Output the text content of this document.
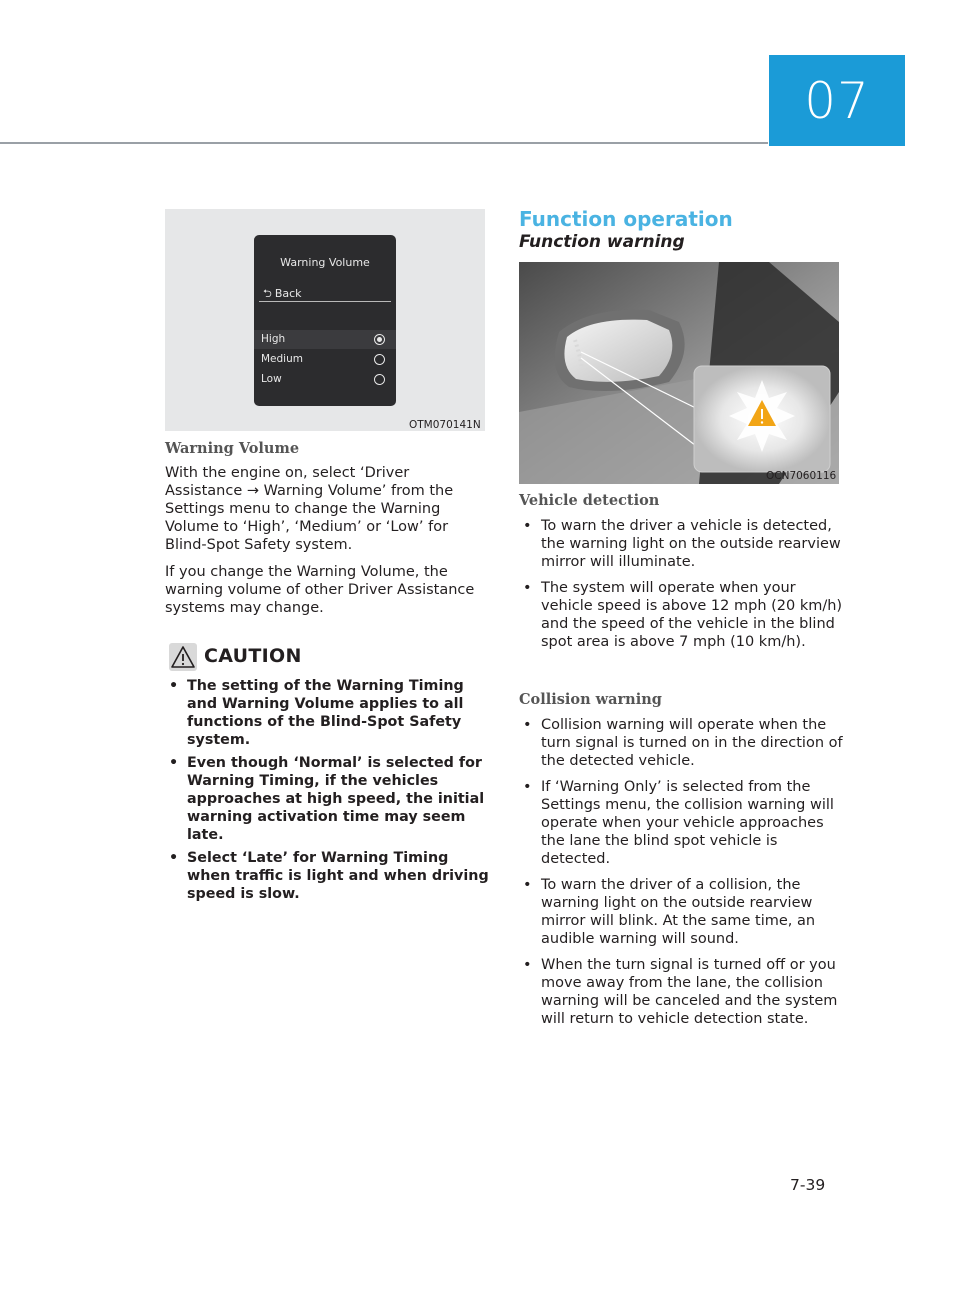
07
Warning Volume
⮌ Back
High
Medium
Low
OTM070141N
Warning Volume

With the engine on, select ‘Driver Assistance → Warning Volume’ from the Settings menu to change the Warning Volume to ‘High’, ‘Medium’ or ‘Low’ for Blind-Spot Safety system.

If you change the Warning Volume, the warning volume of other Driver Assistance systems may change.

CAUTION
• The setting of the Warning Timing and Warning Volume applies to all functions of the Blind-Spot Safety system.
• Even though ‘Normal’ is selected for Warning Timing, if the vehicles approaches at high speed, the initial warning activation time may seem late.
• Select ‘Late’ for Warning Timing when traffic is light and when driving speed is slow.
Function operation
Function warning
OCN7060116
Vehicle detection
• To warn the driver a vehicle is detected, the warning light on the outside rearview mirror will illuminate.
• The system will operate when your vehicle speed is above 12 mph (20 km/h) and the speed of the vehicle in the blind spot area is above 7 mph (10 km/h).
Collision warning
• Collision warning will operate when the turn signal is turned on in the direction of the detected vehicle.
• If ‘Warning Only’ is selected from the Settings menu, the collision warning will operate when your vehicle approaches the lane the blind spot vehicle is detected.
• To warn the driver of a collision, the warning light on the outside rearview mirror will blink. At the same time, an audible warning will sound.
• When the turn signal is turned off or you move away from the lane, the collision warning will be canceled and the system will return to vehicle detection state.
7-39
